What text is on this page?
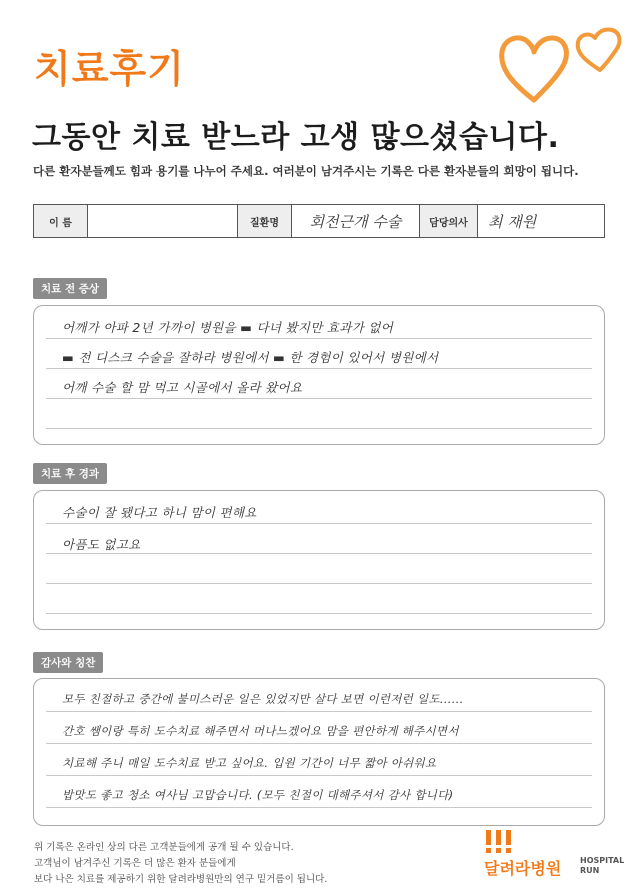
치료후기
그동안 치료 받느라 고생 많으셨습니다.
다른 환자분들께도 힘과 용기를 나누어 주세요. 여러분이 남겨주시는 기록은 다른 환자분들의 희망이 됩니다.
이 름	질환명	회전근개 수술	담당의사	최 재원
치료 전 증상
어깨가 아파 2년 가까이 병원을 ▬ 다녀 봤지만 효과가 없어
▬ 전 디스크 수술을 잘하라 병원에서 ▬ 한 경험이 있어서 병원에서
어깨 수술 할 맘 먹고 시골에서 올라 왔어요
치료 후 경과
수술이 잘 됐다고 하니 맘이 편해요
아픔도 없고요
감사와 칭찬
모두 친절하고 중간에 불미스러운 일은 있었지만 살다 보면 이런저런 일도......
간호 쌤이랑 특히 도수치료 해주면서 머나느겠어요 맘을 편안하게 해주시면서
치료해 주니 매일 도수치료 받고 싶어요. 입원 기간이 너무 짧아 아쉬워요
밥맛도 좋고 청소 여사님 고맙습니다. (모두 친절이 대해주셔서 감사 합니다)
위 기록은 온라인 상의 다른 고객분들에게 공개 될 수 있습니다.
고객님이 남겨주신 기록은 더 많은 환자 분들에게
보다 나은 치료를 제공하기 위한 달려라병원만의 연구 밑거름이 됩니다.
달려라병원 HOSPITAL
RUN
